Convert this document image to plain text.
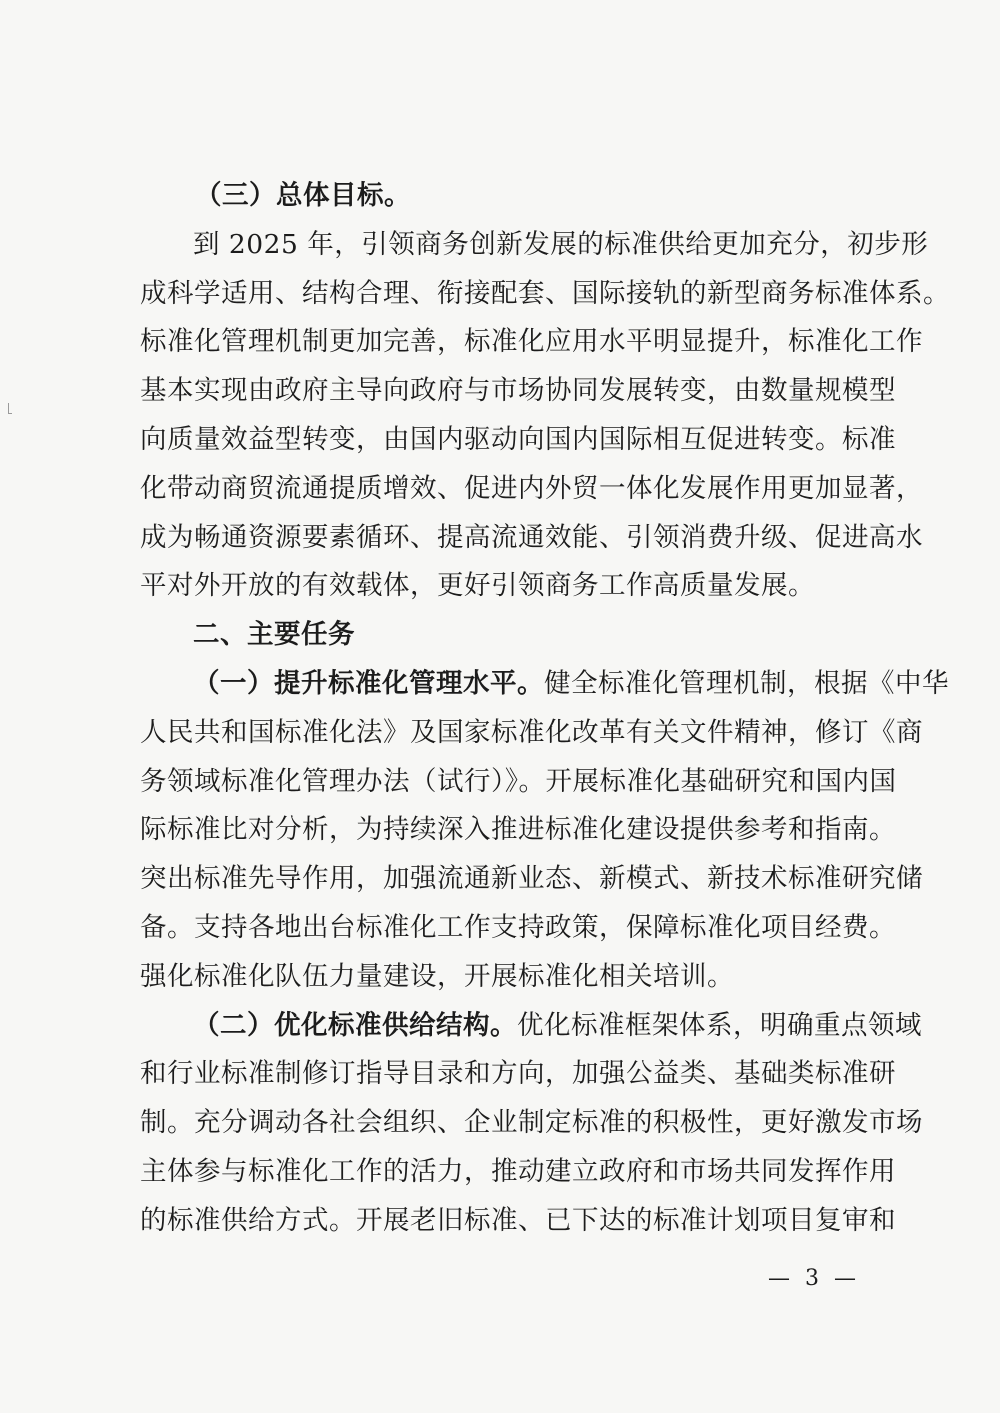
（三）总体目标。
到 2025 年，引领商务创新发展的标准供给更加充分，初步形
成科学适用、结构合理、衔接配套、国际接轨的新型商务标准体系。
标准化管理机制更加完善，标准化应用水平明显提升，标准化工作
基本实现由政府主导向政府与市场协同发展转变，由数量规模型
向质量效益型转变，由国内驱动向国内国际相互促进转变。标准
化带动商贸流通提质增效、促进内外贸一体化发展作用更加显著，
成为畅通资源要素循环、提高流通效能、引领消费升级、促进高水
平对外开放的有效载体，更好引领商务工作高质量发展。
二、主要任务
（一）提升标准化管理水平。健全标准化管理机制，根据《中华
人民共和国标准化法》及国家标准化改革有关文件精神，修订《商
务领域标准化管理办法（试行）》。开展标准化基础研究和国内国
际标准比对分析，为持续深入推进标准化建设提供参考和指南。
突出标准先导作用，加强流通新业态、新模式、新技术标准研究储
备。支持各地出台标准化工作支持政策，保障标准化项目经费。
强化标准化队伍力量建设，开展标准化相关培训。
（二）优化标准供给结构。优化标准框架体系，明确重点领域
和行业标准制修订指导目录和方向，加强公益类、基础类标准研
制。充分调动各社会组织、企业制定标准的积极性，更好激发市场
主体参与标准化工作的活力，推动建立政府和市场共同发挥作用
的标准供给方式。开展老旧标准、已下达的标准计划项目复审和
— 3 —
